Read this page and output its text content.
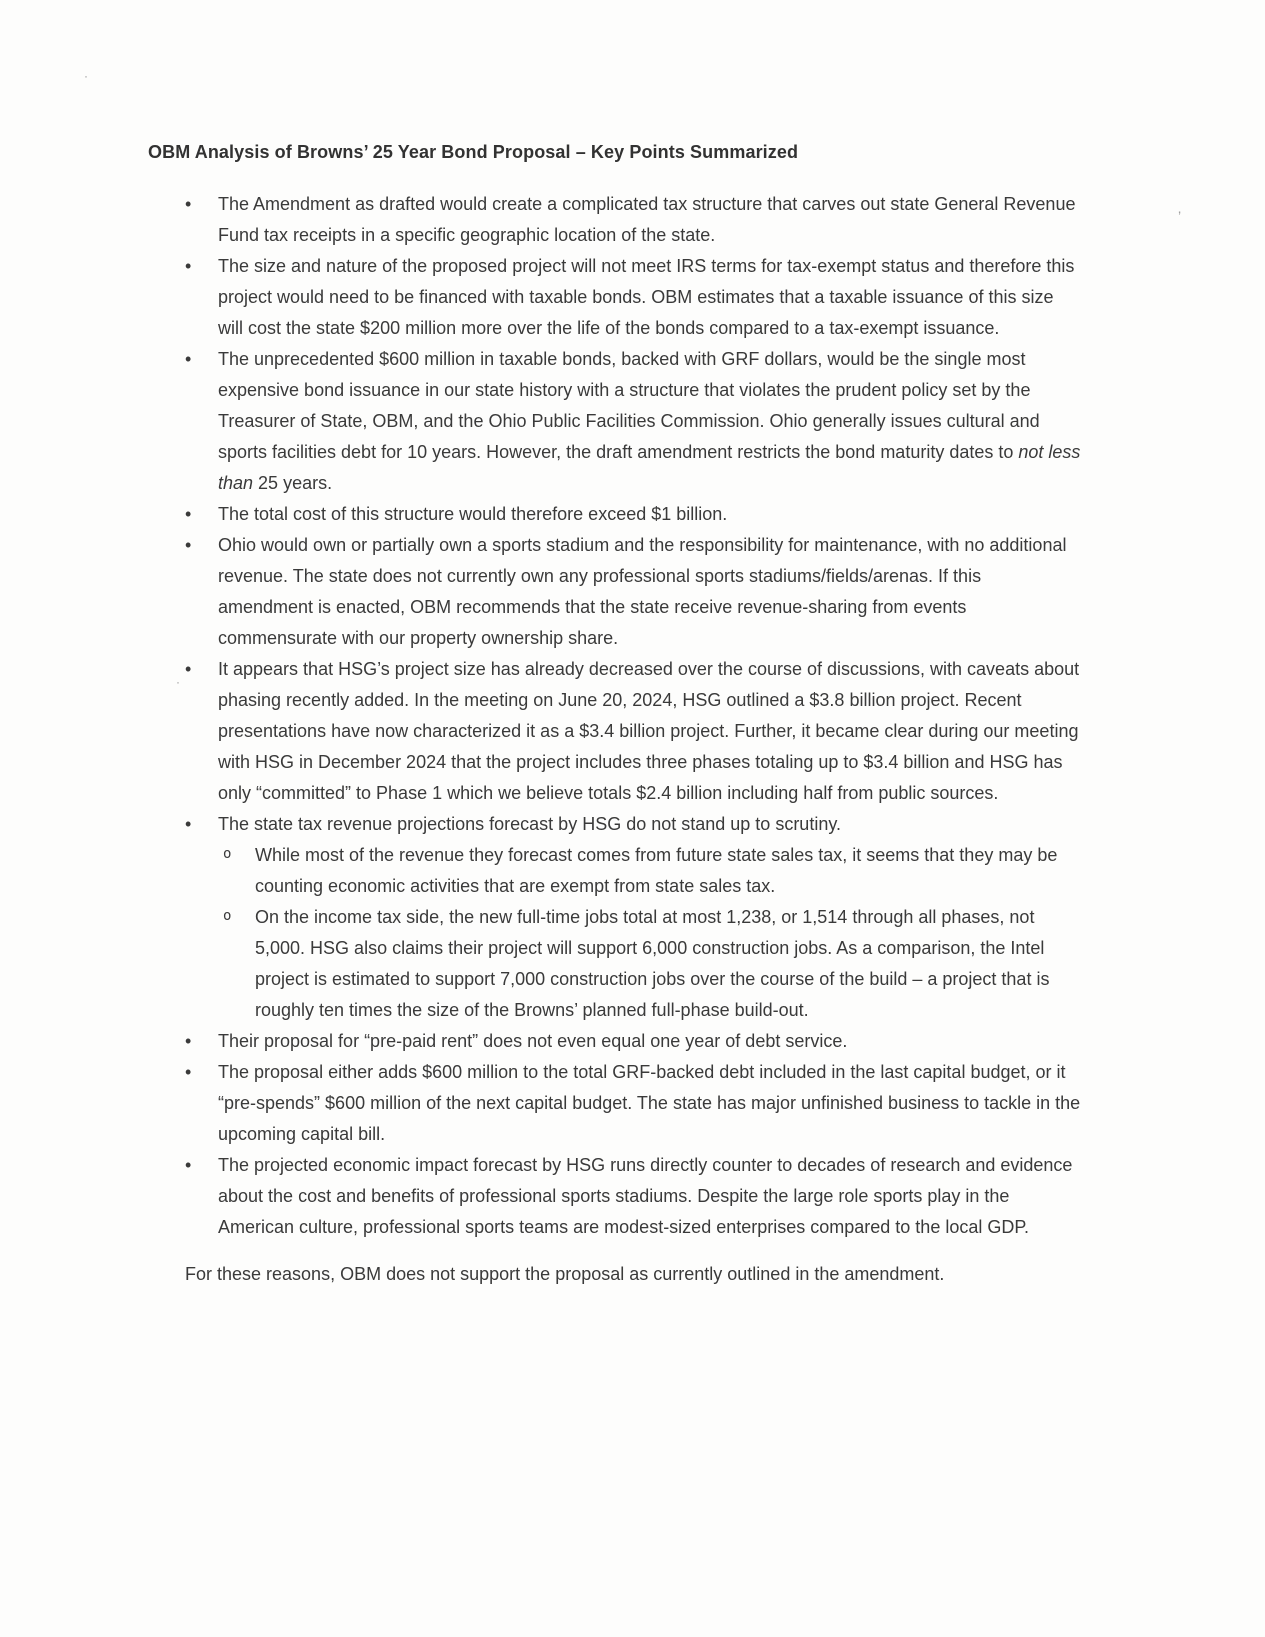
·
’
·
OBM Analysis of Browns’ 25 Year Bond Proposal – Key Points Summarized
• The Amendment as drafted would create a complicated tax structure that carves out state General Revenue Fund tax receipts in a specific geographic location of the state.
• The size and nature of the proposed project will not meet IRS terms for tax-exempt status and therefore this project would need to be financed with taxable bonds. OBM estimates that a taxable issuance of this size will cost the state $200 million more over the life of the bonds compared to a tax-exempt issuance.
• The unprecedented $600 million in taxable bonds, backed with GRF dollars, would be the single most expensive bond issuance in our state history with a structure that violates the prudent policy set by the Treasurer of State, OBM, and the Ohio Public Facilities Commission. Ohio generally issues cultural and sports facilities debt for 10 years. However, the draft amendment restricts the bond maturity dates to not less than 25 years.
• The total cost of this structure would therefore exceed $1 billion.
• Ohio would own or partially own a sports stadium and the responsibility for maintenance, with no additional revenue. The state does not currently own any professional sports stadiums/fields/arenas. If this amendment is enacted, OBM recommends that the state receive revenue-sharing from events commensurate with our property ownership share.
• It appears that HSG’s project size has already decreased over the course of discussions, with caveats about phasing recently added. In the meeting on June 20, 2024, HSG outlined a $3.8 billion project. Recent presentations have now characterized it as a $3.4 billion project. Further, it became clear during our meeting with HSG in December 2024 that the project includes three phases totaling up to $3.4 billion and HSG has only “committed” to Phase 1 which we believe totals $2.4 billion including half from public sources.
• The state tax revenue projections forecast by HSG do not stand up to scrutiny.
o While most of the revenue they forecast comes from future state sales tax, it seems that they may be counting economic activities that are exempt from state sales tax.
o On the income tax side, the new full-time jobs total at most 1,238, or 1,514 through all phases, not 5,000. HSG also claims their project will support 6,000 construction jobs. As a comparison, the Intel project is estimated to support 7,000 construction jobs over the course of the build – a project that is roughly ten times the size of the Browns’ planned full-phase build-out.
• Their proposal for “pre-paid rent” does not even equal one year of debt service.
• The proposal either adds $600 million to the total GRF-backed debt included in the last capital budget, or it “pre-spends” $600 million of the next capital budget. The state has major unfinished business to tackle in the upcoming capital bill.
• The projected economic impact forecast by HSG runs directly counter to decades of research and evidence about the cost and benefits of professional sports stadiums. Despite the large role sports play in the American culture, professional sports teams are modest-sized enterprises compared to the local GDP.

For these reasons, OBM does not support the proposal as currently outlined in the amendment.
